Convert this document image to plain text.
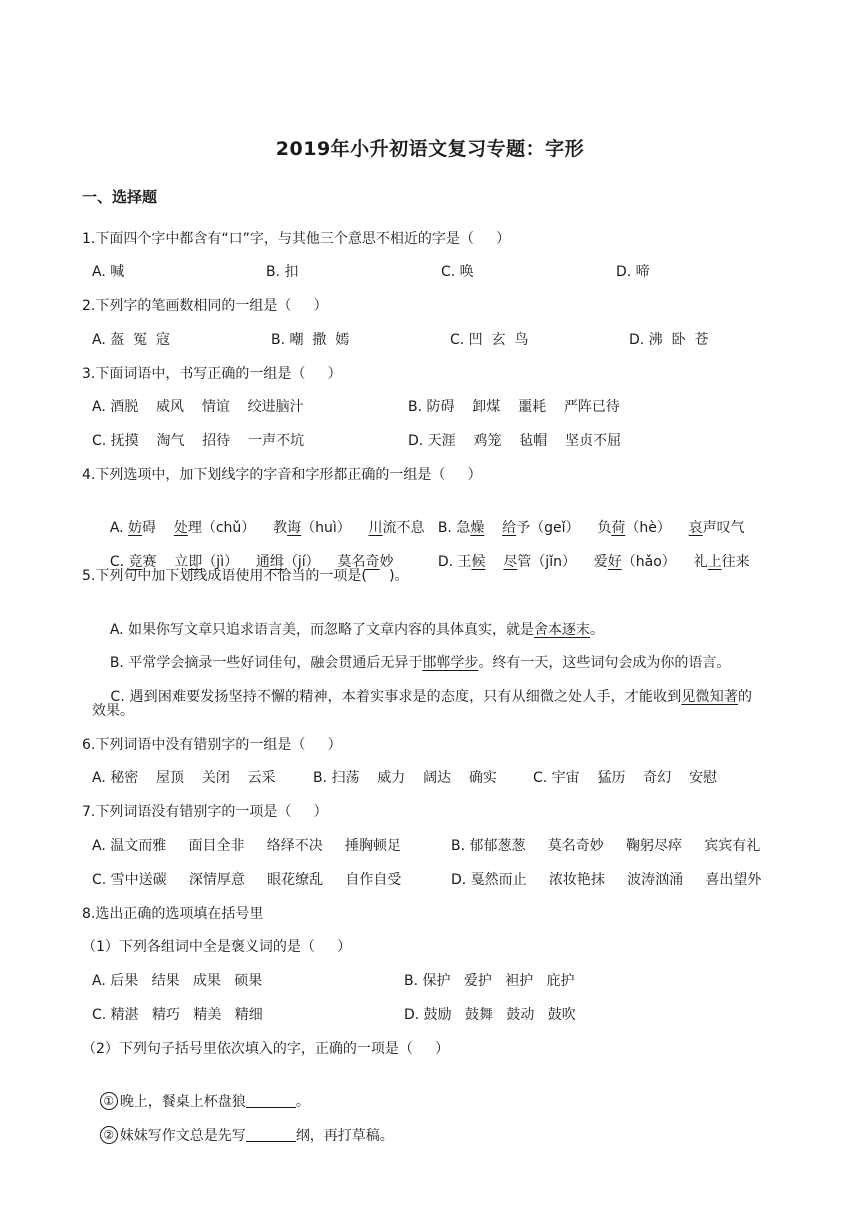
2019年小升初语文复习专题：字形
一、选择题
1.下面四个字中都含有“口”字，与其他三个意思不相近的字是（     ）
A. 喊	B. 扣	C. 唤	D. 啼
2.下列字的笔画数相同的一组是（     ）
A. 盔  冤  寇	B. 嘲  撒  嫣	C. 凹  玄  鸟	D. 沸  卧  苍
3.下面词语中，书写正确的一组是（     ）
A. 酒脱    威风    情谊    绞进脑汁	B. 防碍    卸煤    噩耗    严阵已待
C. 抚摸    淘气    招待    一声不坑	D. 天涯    鸡笼    毡帽    坚贞不屈
4.下列选项中，加下划线字的字音和字形都正确的一组是（     ）

A. 妨碍    处理（chǔ）    教诲（huì）    川流不息
B. 急燥 给予（geǐ）    负荷（hè）    哀声叹气

C. 竞赛    立即（jì）    通缉（jí）    莫名奇妙
	D. 王候 尽管（jǐn）    爱好（hǎo）    礼上往来

5.下列句中加下划线成语使用不恰当的一项是(     )。

A. 如果你写文章只追求语言美，而忽略了文章内容的具体真实，就是舍本逐末。

B. 平常学会摘录一些好词佳句，融会贯通后无异于邯郸学步。终有一天，这些词句会成为你的语言。

C. 遇到困难要发扬坚持不懈的精神，本着实事求是的态度，只有从细微之处人手，才能收到见微知著的

效果。
6.下列词语中没有错别字的一组是（     ）
A. 秘密    屋顶    关闭    云采	B. 扫荡    威力    阔达    确实	C. 宇宙    猛历    奇幻    安慰
7.下列词语没有错别字的一项是（     ）
A. 温文而雅     面目全非     络绎不决     捶胸顿足	B. 郁郁葱葱     莫名奇妙     鞠躬尽瘁     宾宾有礼
C. 雪中送碳     深情厚意     眼花缭乱     自作自受	D. 戛然而止     浓妆艳抹     波涛汹涌     喜出望外
8.选出正确的选项填在括号里
（1）下列各组词中全是褒义词的是（     ）
A. 后果   结果   成果   硕果	B. 保护   爱护   袒护   庇护
C. 精湛   精巧   精美   精细	D. 鼓励   鼓舞   鼓动   鼓吹
（2）下列句子括号里依次填入的字，正确的一项是（     ）

① 晚上，餐桌上杯盘狼	。

② 妹妹写作文总是先写	纲，再打草稿。
